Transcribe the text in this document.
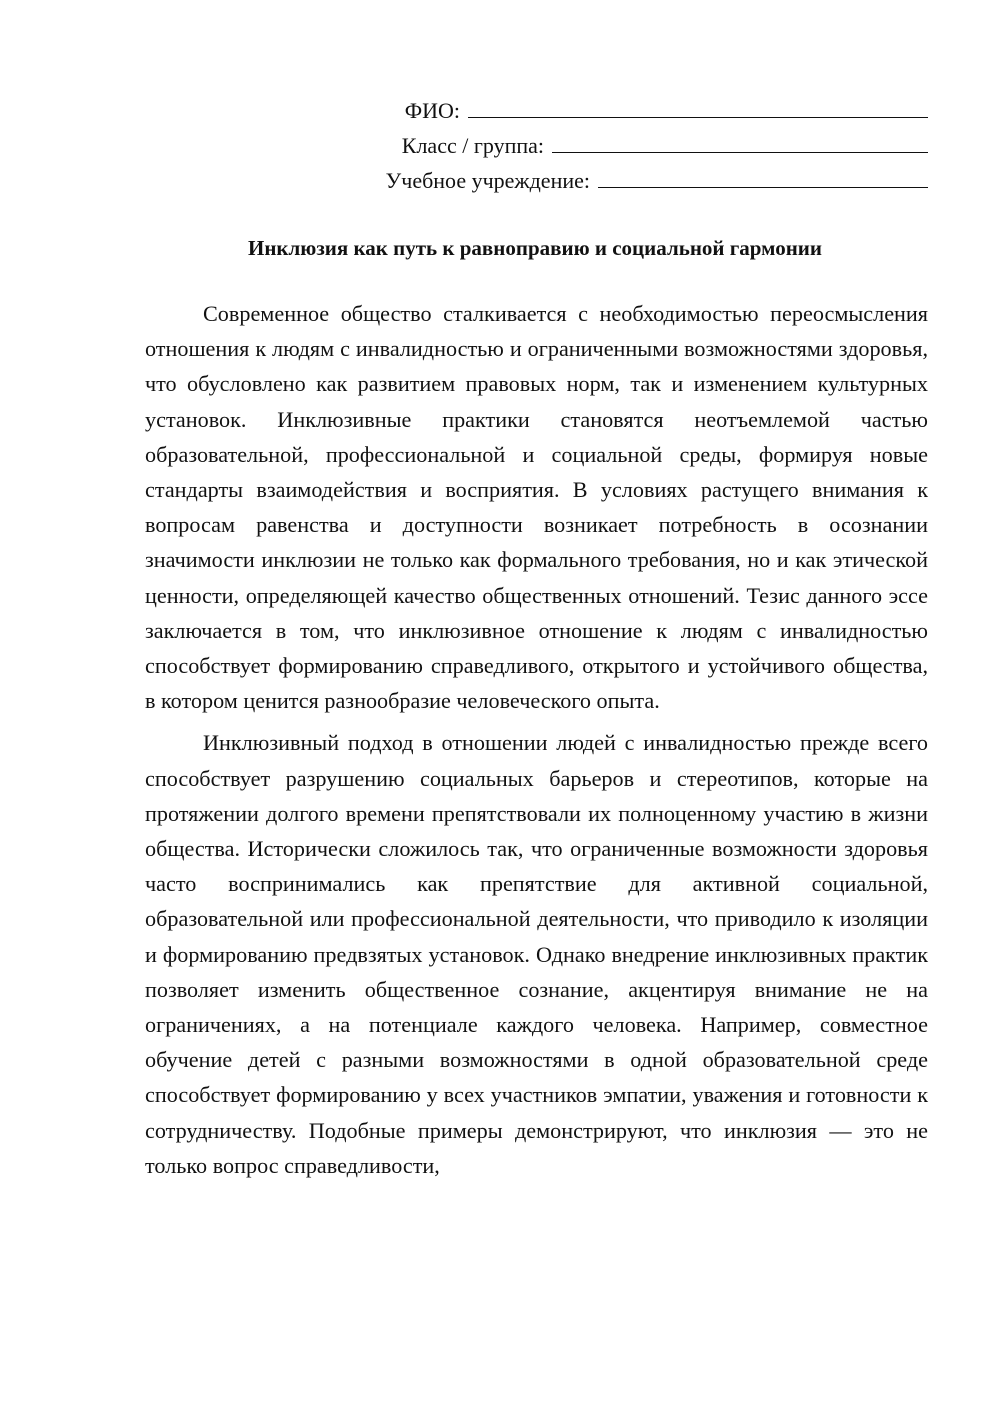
ФИО:
Класс / группа:
Учебное учреждение:
Инклюзия как путь к равноправию и социальной гармонии

Современное общество сталкивается с необходимостью переосмысления отношения к людям с инвалидностью и ограниченными возможностями здоровья, что обусловлено как развитием правовых норм, так и изменением культурных установок. Инклюзивные практики становятся неотъемлемой частью образовательной, профессиональной и социальной среды, формируя новые стандарты взаимодействия и восприятия. В условиях растущего внимания к вопросам равенства и доступности возникает потребность в осознании значимости инклюзии не только как формального требования, но и как этической ценности, определяющей качество общественных отношений. Тезис данного эссе заключается в том, что инклюзивное отношение к людям с инвалидностью способствует формированию справедливого, открытого и устойчивого общества, в котором ценится разнообразие человеческого опыта.

Инклюзивный подход в отношении людей с инвалидностью прежде всего способствует разрушению социальных барьеров и стереотипов, которые на протяжении долгого времени препятствовали их полноценному участию в жизни общества. Исторически сложилось так, что ограниченные возможности здоровья часто воспринимались как препятствие для активной социальной, образовательной или профессиональной деятельности, что приводило к изоляции и формированию предвзятых установок. Однако внедрение инклюзивных практик позволяет изменить общественное сознание, акцентируя внимание не на ограничениях, а на потенциале каждого человека. Например, совместное обучение детей с разными возможностями в одной образовательной среде способствует формированию у всех участников эмпатии, уважения и готовности к сотрудничеству. Подобные примеры демонстрируют, что инклюзия — это не только вопрос справедливости,
